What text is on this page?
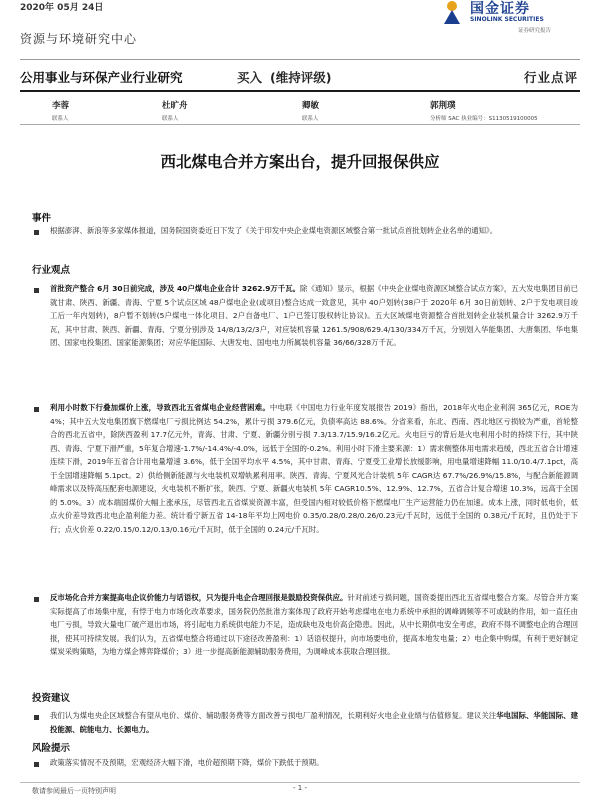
2020年 05月 24日	国金证券
SINOLINK SECURITIES
证券研究报告
资源与环境研究中心
公用事业与环保产业行业研究	买入 (维持评级)	行业点评
李蓉
联系人
杜旷舟
联系人
卿敏
联系人
郭荆璞
分析师 SAC 执业编号：S1130519100005
西北煤电合并方案出台，提升回报保供应
事件
根据澎湃、新浪等多家媒体报道，国务院国资委近日下发了《关于印发中央企业煤电资源区域整合第一批试点首批划转企业名单的通知》。
行业观点
首批资产整合 6月 30日前完成，涉及 40户煤电企业合计 3262.9万千瓦。除《通知》显示，根据《中央企业煤电资源区域整合试点方案》，五大发电集团目前已就甘肃、陕西、新疆、青海、宁夏 5个试点区域 48户煤电企业(或项目)整合达成一致意见，其中 40户划转(38户于 2020年 6月 30日前划转、2户于发电项目竣工后一年内划转)，8户暂不划转(5户煤电一体化项目、2户自备电厂、1户已签订股权转让协议)。五大区域煤电资源整合首批划转企业装机量合计 3262.9万千瓦，其中甘肃、陕西、新疆、青海、宁夏分别涉及 14/8/13/2/3户，对应装机容量 1261.5/908/629.4/130/334万千瓦，分别划入华能集团、大唐集团、华电集团、国家电投集团、国家能源集团；对应华能国际、大唐发电、国电电力所属装机容量 36/66/328万千瓦。
利用小时数下行叠加煤价上涨，导致西北五省煤电企业经营困难。中电联《中国电力行业年度发展报告 2019》指出，2018年火电企业利润 365亿元，ROE为 4%；其中五大发电集团旗下燃煤电厂亏损比例达 54.2%，累计亏损 379.6亿元，负债率高达 88.6%。分省来看，东北、西南、西北地区亏损较为严重，首轮整合的西北五省中，除陕西盈利 17.7亿元外，青海、甘肃、宁夏、新疆分别亏损 7.3/13.7/15.9/16.2亿元。火电巨亏的背后是火电利用小时的持续下行，其中陕西、青海、宁夏下滑严重，5年复合增速-1.7%/-14.4%/-4.0%，远低于全国的-0.2%。利用小时下滑主要来源：1）需求侧整体用电需求趋缓，西北五省合计增速连续下滑，2019年五省合计用电量增速 3.6%，低于全国平均水平 4.5%，其中甘肃、青海、宁夏受工业增长放缓影响，用电量增速降幅 11.0/10.4/7.1pct，高于全国增速降幅 5.1pct。2）供给侧新能源与火电装机双增轨累利用率。陕西、青海、宁夏风光合计装机 5年 CAGR达 67.7%/26.9%/15.8%，与配合新能源调峰需求以及特高压配套电源建设，火电装机不断扩张，陕西、宁夏、新疆火电装机 5年 CAGR10.5%、12.9%、12.7%，五省合计复合增速 10.3%，远高于全国的 5.0%。3）成本端国煤价大幅上涨承压，尽管西北五省煤炭资源丰富，但受国内相对较低价格下燃煤电厂生产运营能力仍在加速。成本上涨，同时低电价，低点火价差导致西北电企盈利能力差。统计看宁新五省 14-18年平均上网电价 0.35/0.28/0.28/0.26/0.23元/千瓦时，远低于全国的 0.38元/千瓦时，且仍处于下行；点火价差 0.22/0.15/0.12/0.13/0.16元/千瓦时，低于全国的 0.24元/千瓦时。
反市场化合并方案提高电企议价能力与话语权，只为提升电企合理回报是鼓励投资保供应。针对前述亏损问题，国资委提出西北五省煤电整合方案。尽管合并方案实际提高了市场集中度，有悖于电力市场化改革要求，国务院仍然批准方案体现了政府开始考虑煤电在电力系统中承担的调峰调频等不可或缺的作用，如一直任由电厂亏损，导致大量电厂破产退出市场，将引起电力系统供电能力不足，造成缺电及电价高企隐患。因此，从中长期供电安全考虑，政府不得不调整电企的合理回报，使其可持续发展。我们认为，五省煤电整合将通过以下途径改善盈利：1）话语权提升，向市场要电价，提高本地发电量；2）电企集中购煤，有利于更好制定煤炭采购策略，为地方煤企博弈降煤价；3）进一步提高新能源辅助服务费用，为调峰成本获取合理回报。
投资建议
我们认为煤电央企区域整合有望从电价、煤价、辅助服务费等方面改善亏损电厂盈利情况，长期利好火电企业业绩与估值修复。建议关注华电国际、华能国际、建投能源、皖能电力、长源电力。
风险提示
政策落实情况不及预期，宏观经济大幅下滑，电价超预期下降，煤价下跌低于预期。
- 1 -
敬请参阅最后一页特别声明
